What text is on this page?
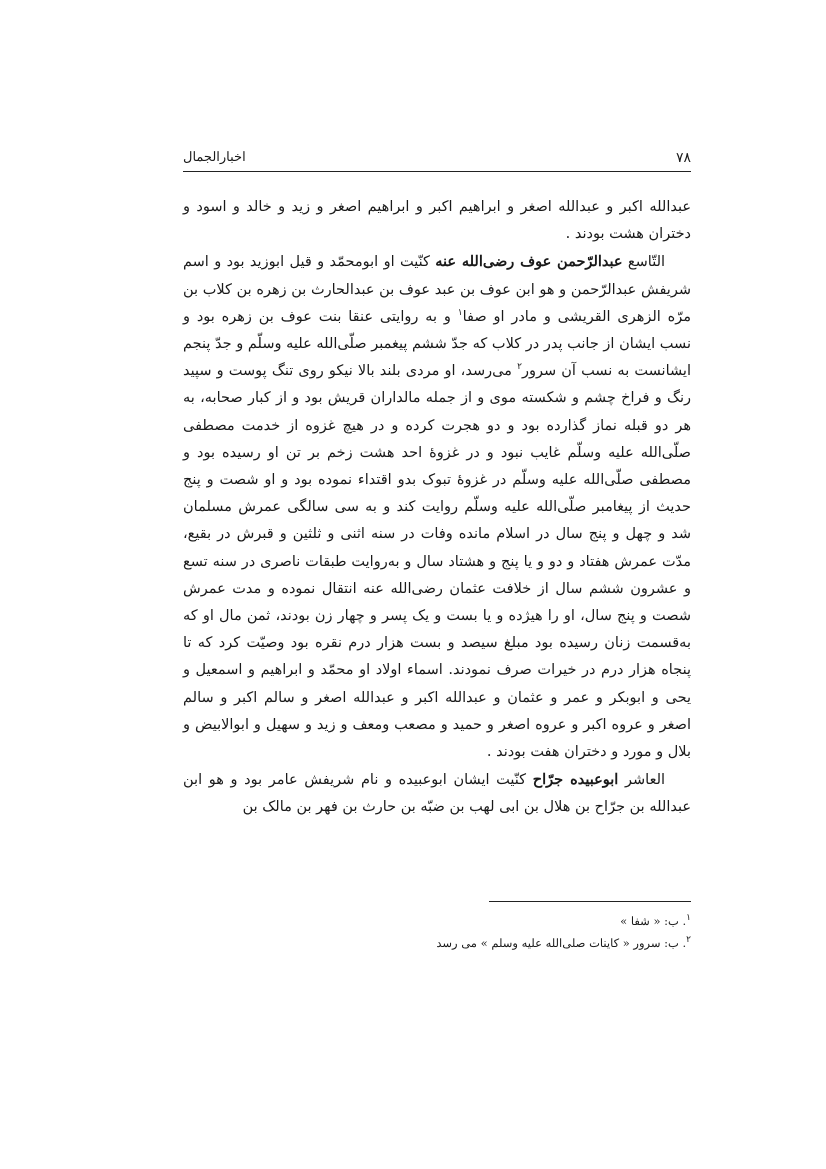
۷۸
اخبارالجمال

عبدالله اکبر و عبدالله اصغر و ابراهیم اکبر و ابراهیم اصغر و زید و خالد و اسود و دختران هشت بودند .

التّاسع عبدالرّحمن عوف رضی‌الله عنه کنّیت او ابومحمّد و قیل ابوزید بود و اسم شریفش عبدالرّحمن و هو ابن عوف بن عبد عوف بن عبدالحارث بن زهره بن کلاب بن مرّه الزهری القریشی و مادر او صفا$^۱$ و به روایتی عنقا بنت عوف بن زهره بود و نسب ایشان از جانب پدر در کلاب که جدّ ششم پیغمبر صلّی‌الله علیه وسلّم و جدّ پنجم ایشانست به نسب آن سرور$^۲$ می‌رسد، او مردی بلند بالا نیکو روی تنگ پوست و سپید رنگ و فراخ چشم و شکسته موی و از جمله مالداران قریش بود و از کبار صحابه، به هر دو قبله نماز گذارده بود و دو هجرت کرده و در هیچ غزوه از خدمت مصطفی صلّی‌الله علیه وسلّم غایب نبود و در غزوهٔ احد هشت زخم بر تن او رسیده بود و مصطفی صلّی‌الله علیه وسلّم در غزوهٔ تبوک بدو اقتداء نموده بود و او شصت و پنج حدیث از پیغامبر صلّی‌الله علیه وسلّم روایت کند و به سی سالگی عمرش مسلمان شد و چهل و پنج سال در اسلام مانده وفات در سنه اثنی و ثلثین و قبرش در بقیع، مدّت عمرش هفتاد و دو و یا پنج و هشتاد سال و به‌روایت طبقات ناصری در سنه تسع و عشرون ششم سال از خلافت عثمان رضی‌الله عنه انتقال نموده و مدت عمرش شصت و پنج سال، او را هیژده و یا بست و یک پسر و چهار زن بودند، ثمن مال او که به‌قسمت زنان رسیده بود مبلغ سیصد و بست هزار درم نقره بود وصیّت کرد که تا پنجاه هزار درم در خیرات صرف نمودند. اسماء اولاد او محمّد و ابراهیم و اسمعیل و یحی و ابوبکر و عمر و عثمان و عبدالله اکبر و عبدالله اصغر و سالم اکبر و سالم اصغر و عروه اکبر و عروه اصغر و حمید و مصعب ومعف و زید و سهیل و ابوالابیض و بلال و مورد و دختران هفت بودند .

العاشر ابوعبیده جرّاح کنّیت ایشان ابوعبیده و نام شریفش عامر بود و هو ابن عبدالله بن جرّاح بن هلال بن ابی لهب بن ضبّه بن حارث بن فهر بن مالک بن

$^۱$. ب: « شفا »
$^۲$. ب: سرور « کاینات صلی‌الله علیه وسلم » می رسد
